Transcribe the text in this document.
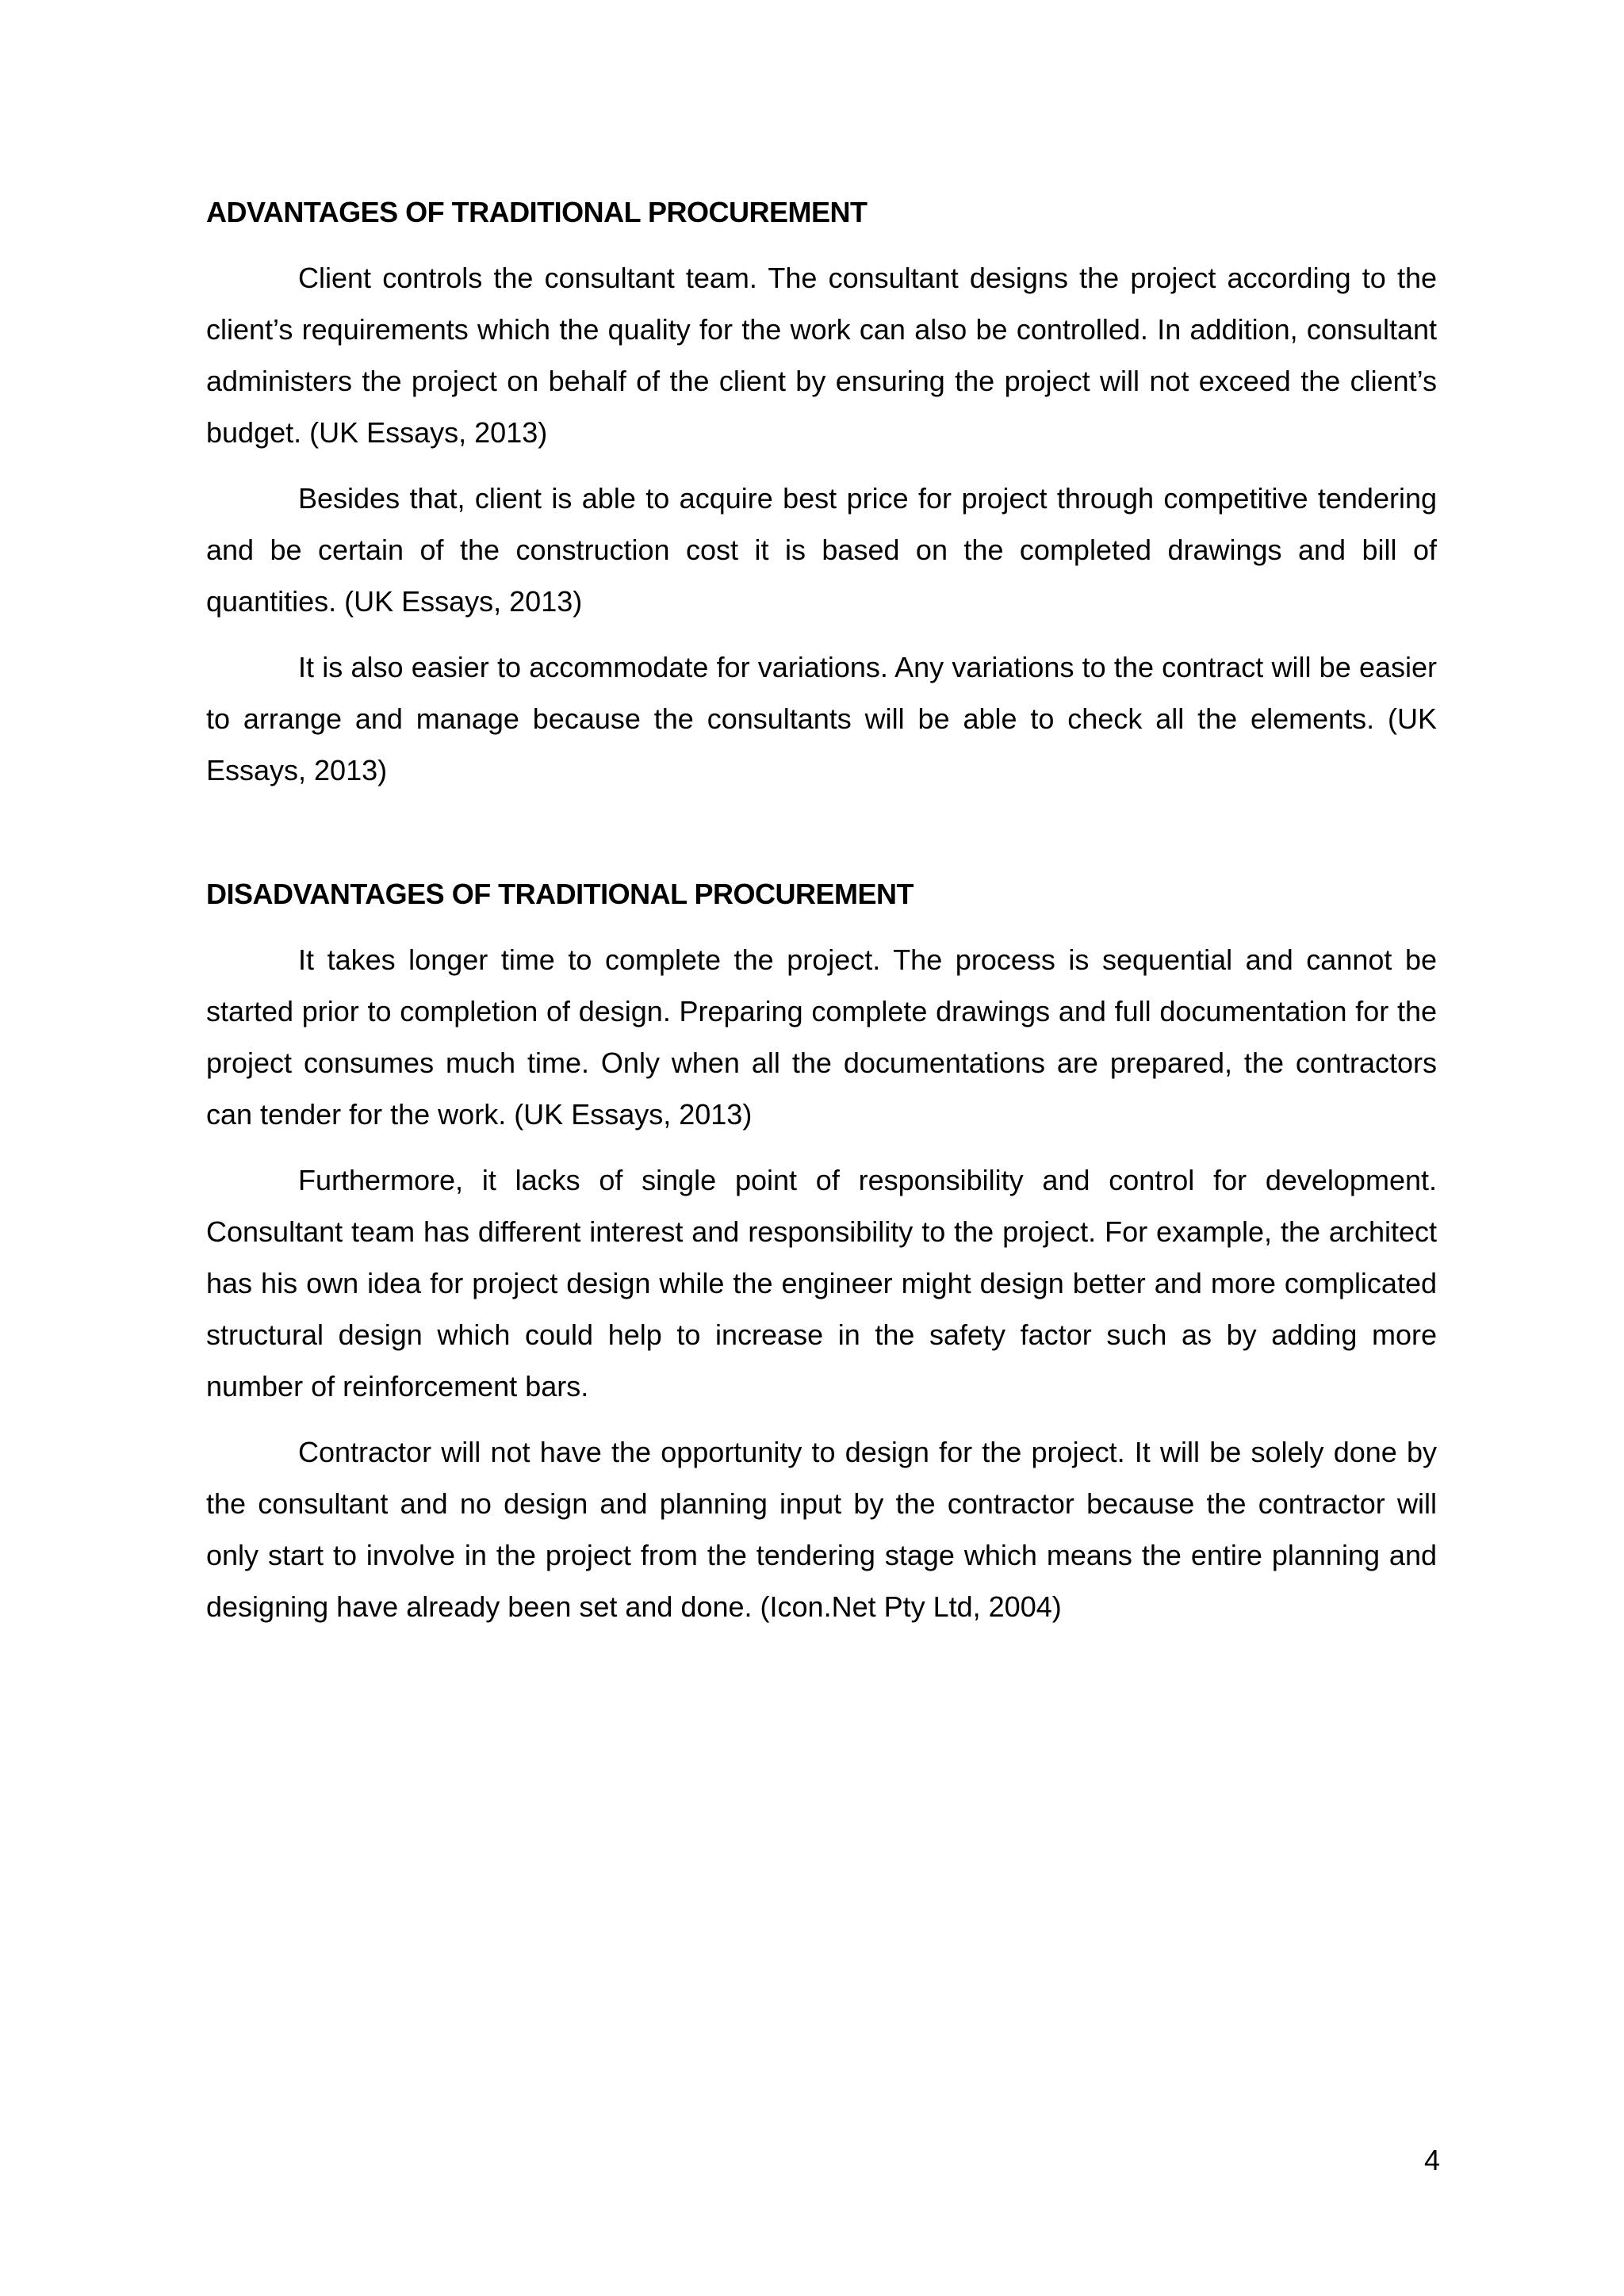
ADVANTAGES OF TRADITIONAL PROCUREMENT

Client controls the consultant team. The consultant designs the project according to the client’s requirements which the quality for the work can also be controlled. In addition, consultant administers the project on behalf of the client by ensuring the project will not exceed the client’s budget. (UK Essays, 2013)

Besides that, client is able to acquire best price for project through competitive tendering and be certain of the construction cost it is based on the completed drawings and bill of quantities. (UK Essays, 2013)

It is also easier to accommodate for variations. Any variations to the contract will be easier to arrange and manage because the consultants will be able to check all the elements. (UK Essays, 2013)

DISADVANTAGES OF TRADITIONAL PROCUREMENT

It takes longer time to complete the project. The process is sequential and cannot be started prior to completion of design. Preparing complete drawings and full documentation for the project consumes much time. Only when all the documentations are prepared, the contractors can tender for the work. (UK Essays, 2013)

Furthermore, it lacks of single point of responsibility and control for development. Consultant team has different interest and responsibility to the project. For example, the architect has his own idea for project design while the engineer might design better and more complicated structural design which could help to increase in the safety factor such as by adding more number of reinforcement bars.

Contractor will not have the opportunity to design for the project. It will be solely done by the consultant and no design and planning input by the contractor because the contractor will only start to involve in the project from the tendering stage which means the entire planning and designing have already been set and done. (Icon.Net Pty Ltd, 2004)

4
